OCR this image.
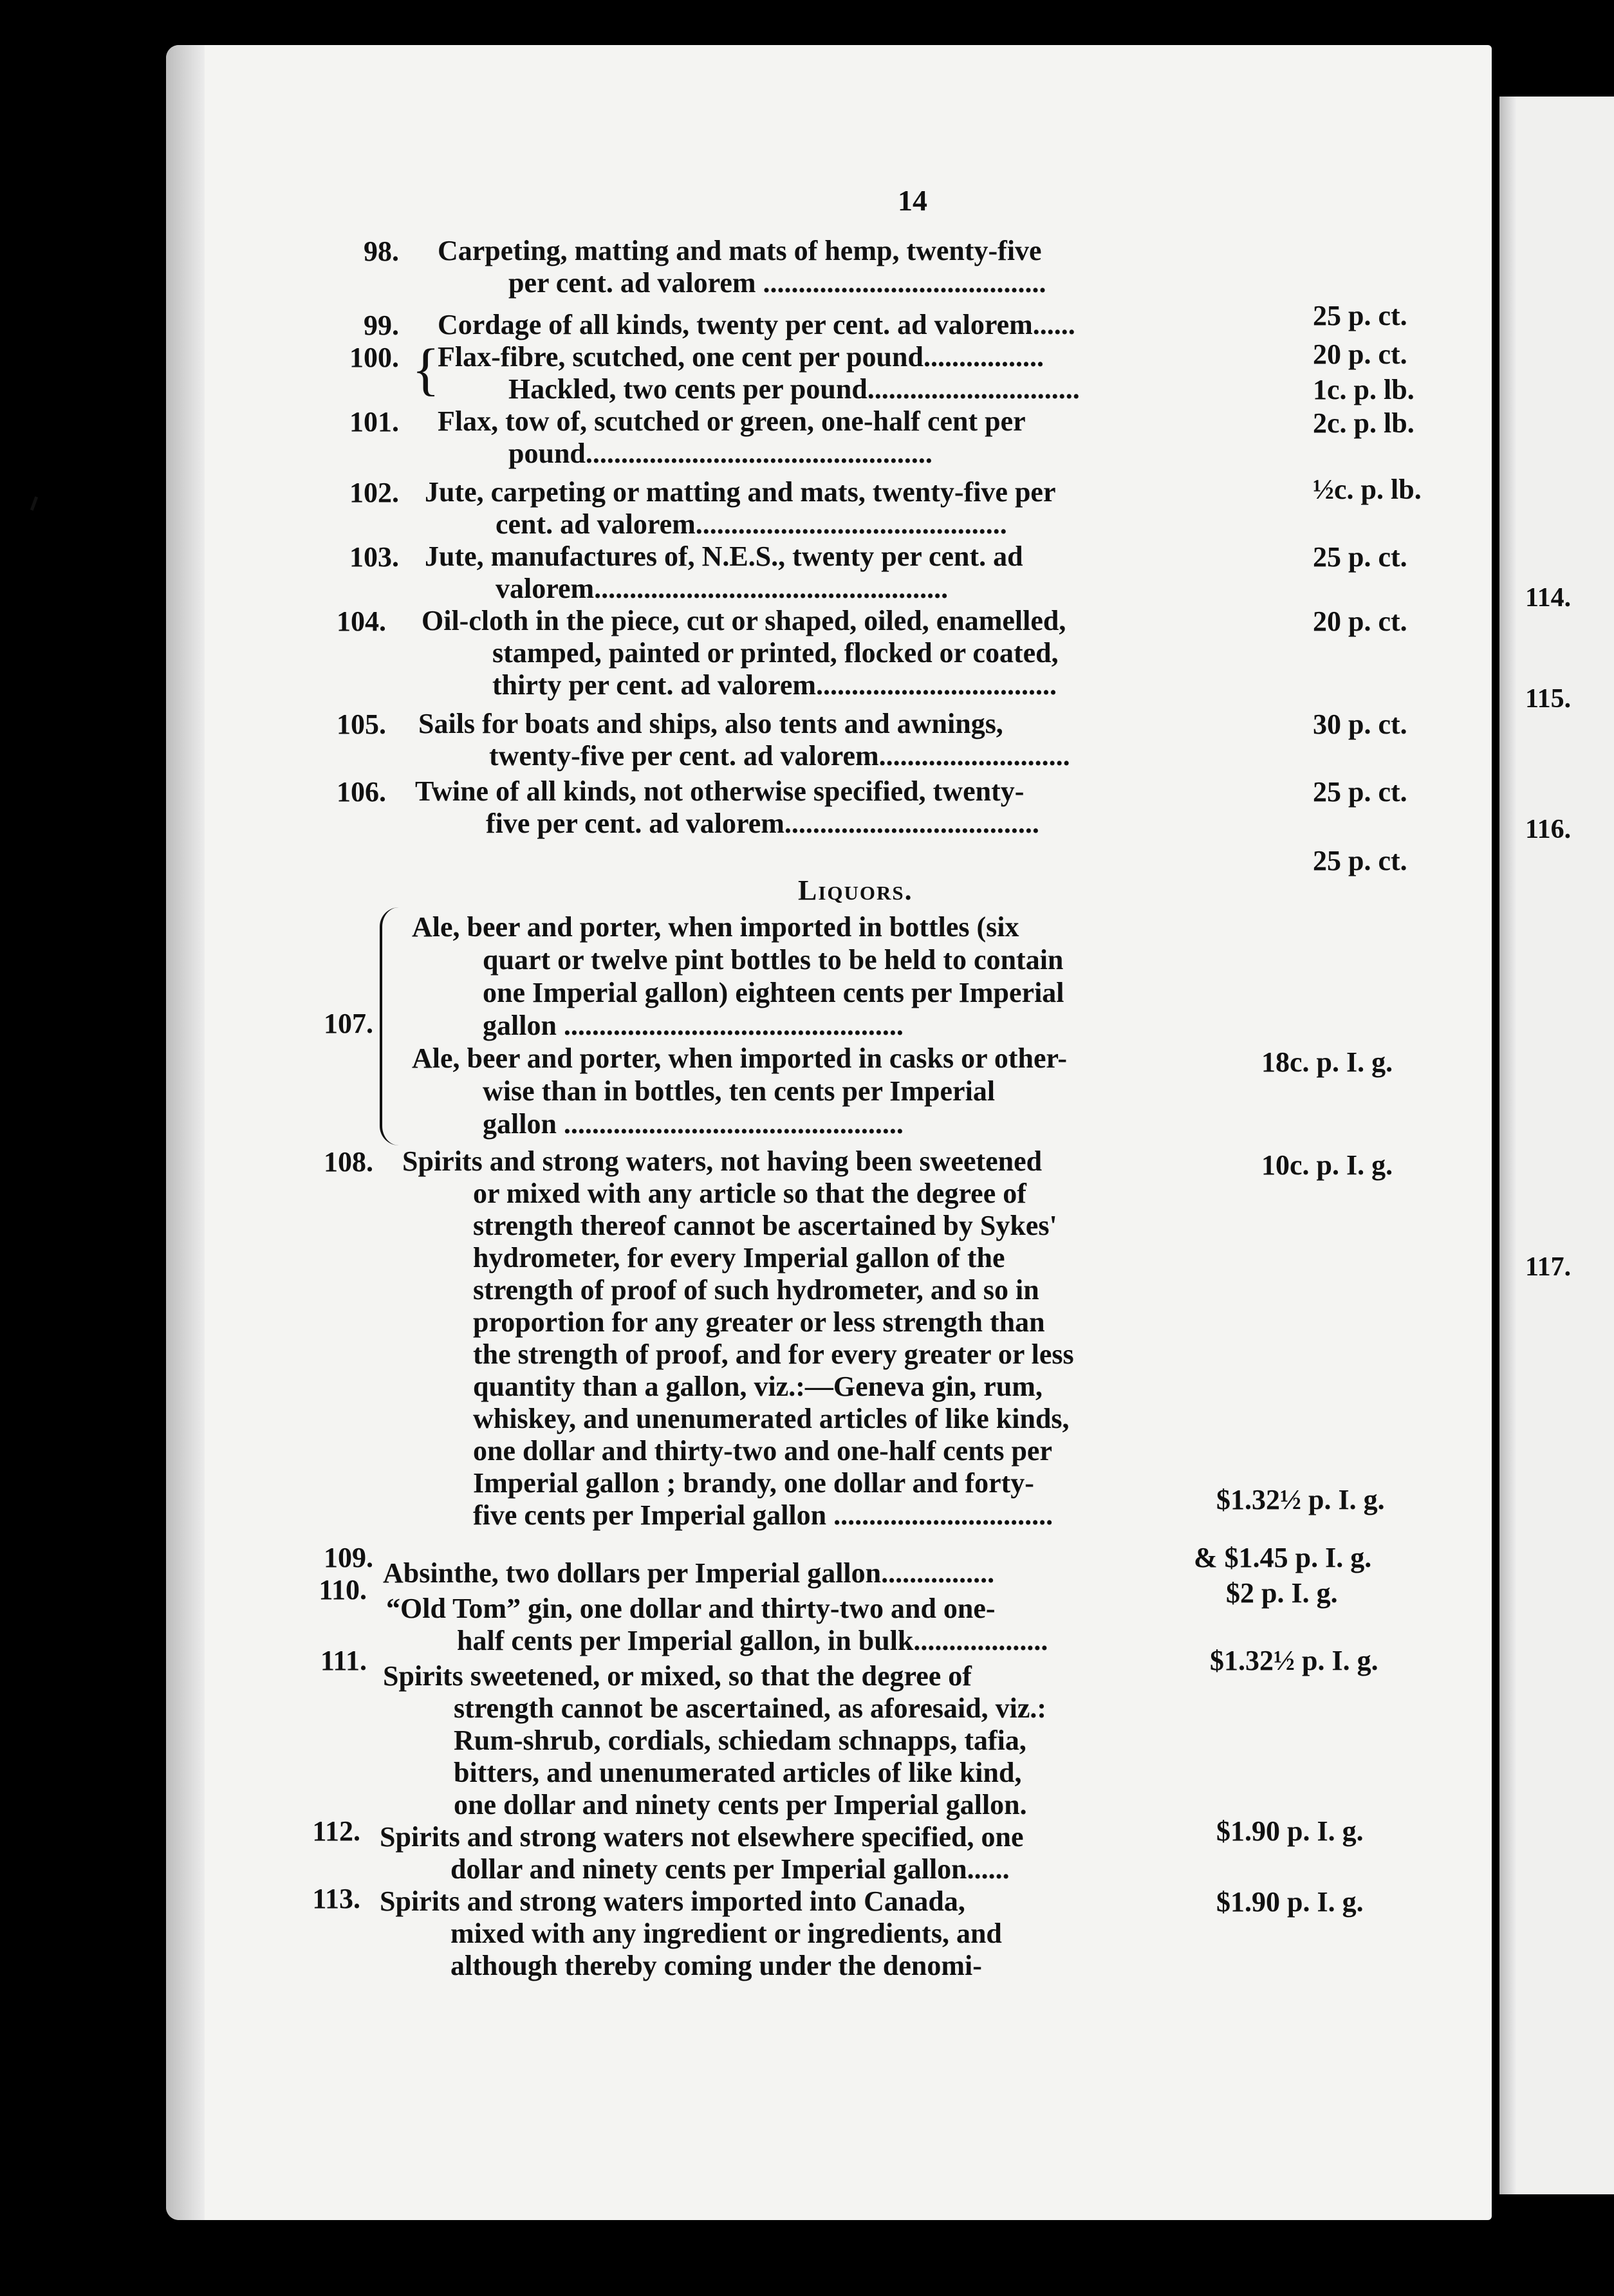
14
98. Carpeting, matting and mats of hemp, twenty-five
per cent. ad valorem ........................................
25 p. ct.
99. Cordage of all kinds, twenty per cent. ad valorem......
20 p. ct.
100. {
Flax-fibre, scutched, one cent per pound.................
Hackled, two cents per pound..............................	1c. p. lb.
2c. p. lb.
101. Flax, tow of, scutched or green, one-half cent per
pound.................................................
½c. p. lb.
102. Jute, carpeting or matting and mats, twenty-five per
cent. ad valorem............................................
25 p. ct.
103. Jute, manufactures of, N.E.S., twenty per cent. ad
valorem..................................................
20 p. ct.
104. Oil-cloth in the piece, cut or shaped, oiled, enamelled,
stamped, painted or printed, flocked or coated,
thirty per cent. ad valorem..................................
30 p. ct.
105. Sails for boats and ships, also tents and awnings,
twenty-five per cent. ad valorem...........................
25 p. ct.
106. Twine of all kinds, not otherwise specified, twenty-
five per cent. ad valorem....................................
25 p. ct.
Liquors.
107.
Ale, beer and porter, when imported in bottles (six
quart or twelve pint bottles to be held to contain
one Imperial gallon) eighteen cents per Imperial
gallon ................................................
Ale, beer and porter, when imported in casks or other-
wise than in bottles, ten cents per Imperial
gallon ................................................
18c. p. I. g.
10c. p. I. g.
108. Spirits and strong waters, not having been sweetened
or mixed with any article so that the degree of
strength thereof cannot be ascertained by Sykes'
hydrometer, for every Imperial gallon of the
strength of proof of such hydrometer, and so in
proportion for any greater or less strength than
the strength of proof, and for every greater or less
quantity than a gallon, viz.:—Geneva gin, rum,
whiskey, and unenumerated articles of like kinds,
one dollar and thirty-two and one-half cents per
Imperial gallon ; brandy, one dollar and forty-
five cents per Imperial gallon ...............................	$1.32½ p. I. g.
& $1.45 p. I. g.
109. Absinthe, two dollars per Imperial gallon................
$2 p. I. g.
110.
“Old Tom” gin, one dollar and thirty-two and one-
half cents per Imperial gallon, in bulk...................
$1.32½ p. I. g.
111. Spirits sweetened, or mixed, so that the degree of
strength cannot be ascertained, as aforesaid, viz.:
Rum-shrub, cordials, schiedam schnapps, tafia,
bitters, and unenumerated articles of like kind,
one dollar and ninety cents per Imperial gallon.
$1.90 p. I. g.
112. Spirits and strong waters not elsewhere specified, one
dollar and ninety cents per Imperial gallon......
$1.90 p. I. g.
113. Spirits and strong waters imported into Canada,
mixed with any ingredient or ingredients, and
although thereby coming under the denomi-
114.
115.
116.
117.
